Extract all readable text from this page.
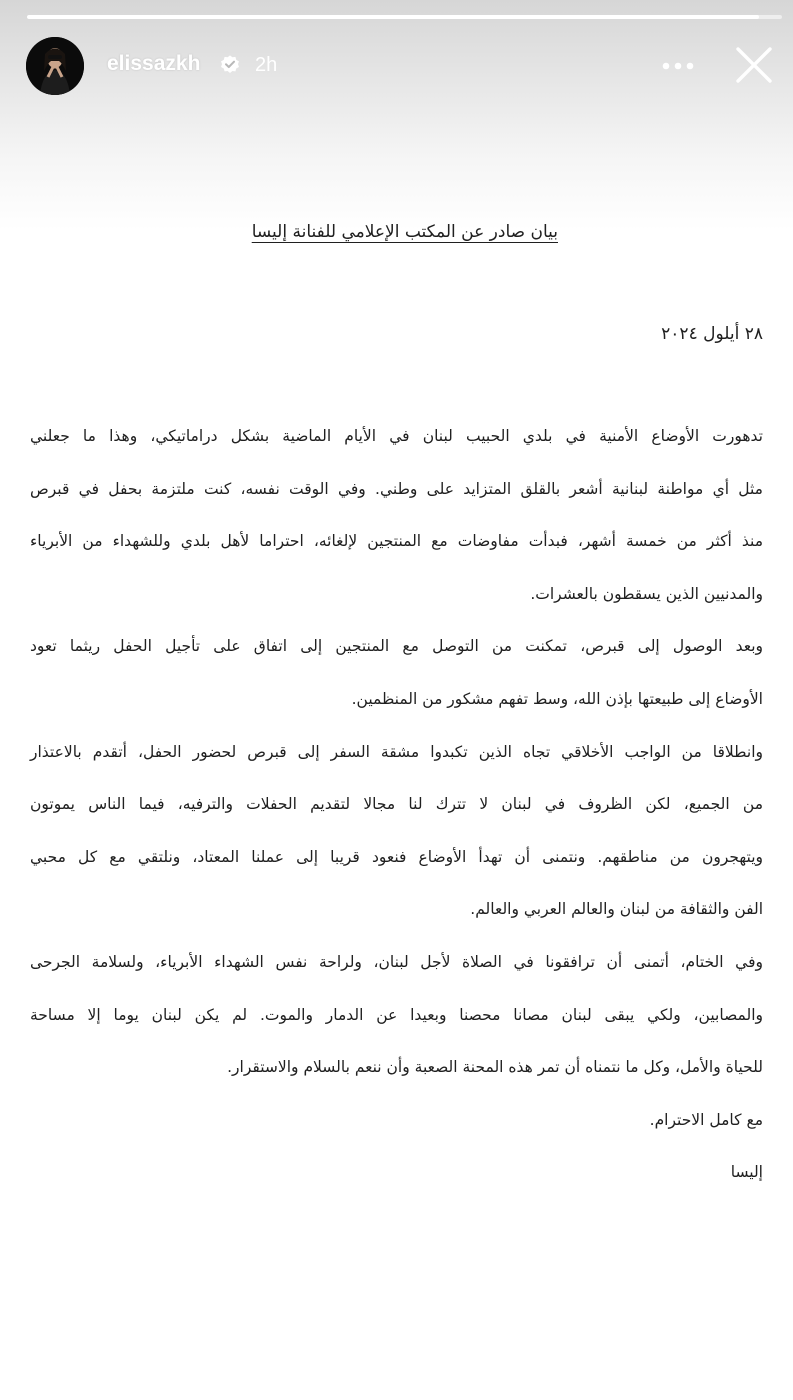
elissazkh	2h
بيان صادر عن المكتب الإعلامي للفنانة إليسا
٢٨ أيلول ٢٠٢٤
تدهورت الأوضاع الأمنية في بلدي الحبيب لبنان في الأيام الماضية بشكل دراماتيكي، وهذا ما جعلني
مثل أي مواطنة لبنانية أشعر بالقلق المتزايد على وطني. وفي الوقت نفسه، كنت ملتزمة بحفل في قبرص
منذ أكثر من خمسة أشهر، فبدأت مفاوضات مع المنتجين لإلغائه، احتراما لأهل بلدي وللشهداء من الأبرياء
والمدنيين الذين يسقطون بالعشرات.
وبعد الوصول إلى قبرص، تمكنت من التوصل مع المنتجين إلى اتفاق على تأجيل الحفل ريثما تعود
الأوضاع إلى طبيعتها بإذن الله، وسط تفهم مشكور من المنظمين.
وانطلاقا من الواجب الأخلاقي تجاه الذين تكبدوا مشقة السفر إلى قبرص لحضور الحفل، أتقدم بالاعتذار
من الجميع، لكن الظروف في لبنان لا تترك لنا مجالا لتقديم الحفلات والترفيه، فيما الناس يموتون
ويتهجرون من مناطقهم. ونتمنى أن تهدأ الأوضاع فنعود قريبا إلى عملنا المعتاد، ونلتقي مع كل محبي
الفن والثقافة من لبنان والعالم العربي والعالم.
وفي الختام، أتمنى أن ترافقونا في الصلاة لأجل لبنان، ولراحة نفس الشهداء الأبرياء، ولسلامة الجرحى
والمصابين، ولكي يبقى لبنان مصانا محصنا وبعيدا عن الدمار والموت. لم يكن لبنان يوما إلا مساحة
للحياة والأمل، وكل ما نتمناه أن تمر هذه المحنة الصعبة وأن ننعم بالسلام والاستقرار.
مع كامل الاحترام.
إليسا
